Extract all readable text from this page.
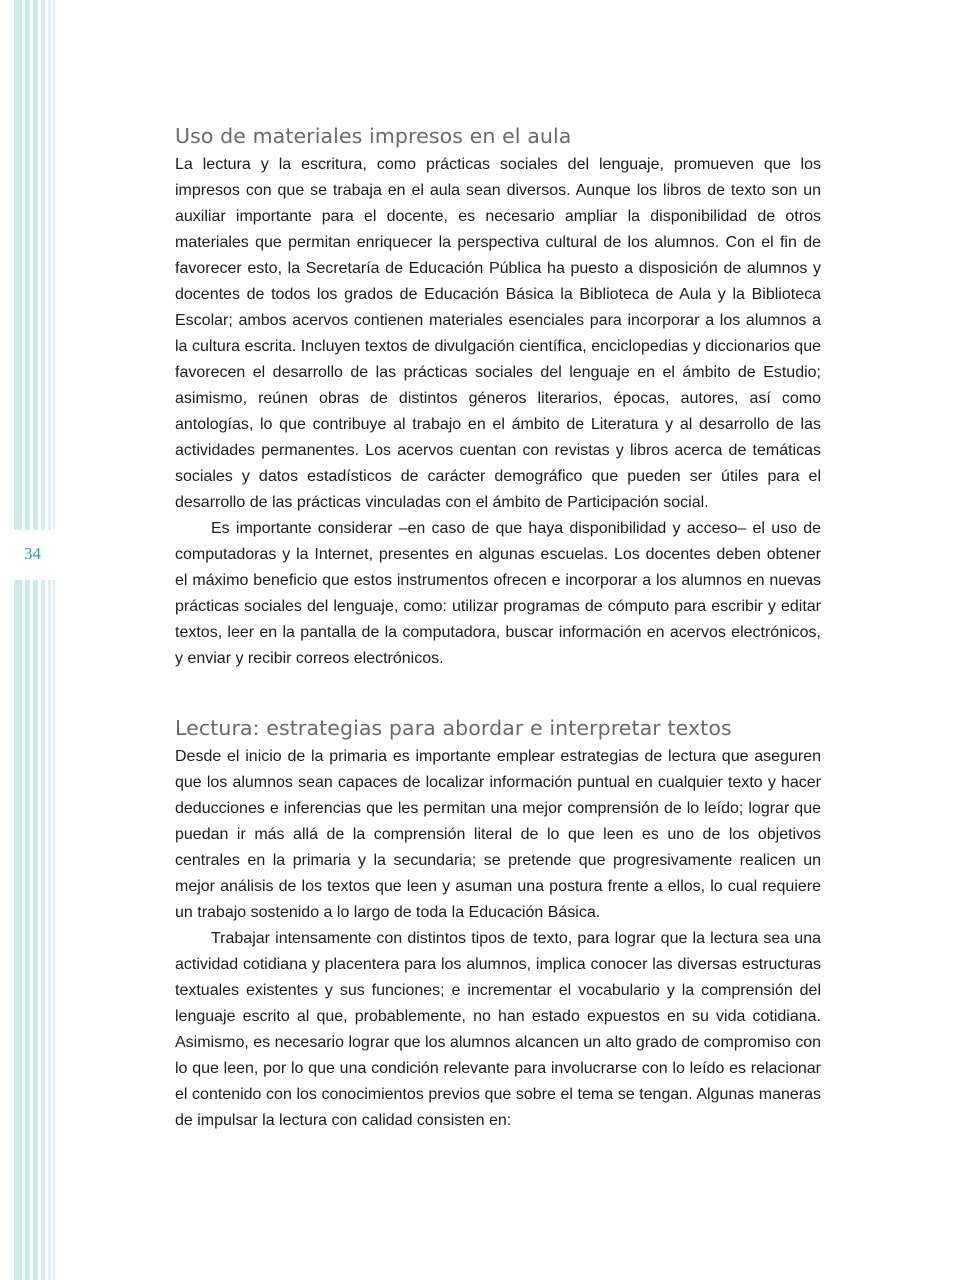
34
Uso de materiales impresos en el aula

La lectura y la escritura, como prácticas sociales del lenguaje, promueven que los impresos con que se trabaja en el aula sean diversos. Aunque los libros de texto son un auxiliar importante para el docente, es necesario ampliar la disponibilidad de otros materiales que permitan enriquecer la perspectiva cultural de los alumnos. Con el fin de favorecer esto, la Secretaría de Educación Pública ha puesto a disposición de alumnos y docentes de todos los grados de Educación Básica la Biblioteca de Aula y la Biblioteca Escolar; ambos acervos contienen materiales esenciales para incorporar a los alumnos a la cultura escrita. Incluyen textos de divulgación científica, enciclopedias y diccionarios que favorecen el desarrollo de las prácticas sociales del lenguaje en el ámbito de Estudio; asimismo, reúnen obras de distintos géneros literarios, épocas, autores, así como antologías, lo que contribuye al trabajo en el ámbito de Literatura y al desarrollo de las actividades permanentes. Los acervos cuentan con revistas y libros acerca de temáticas sociales y datos estadísticos de carácter demográfico que pueden ser útiles para el desarrollo de las prácticas vinculadas con el ámbito de Participación social.

Es importante considerar –en caso de que haya disponibilidad y acceso– el uso de computadoras y la Internet, presentes en algunas escuelas. Los docentes deben obtener el máximo beneficio que estos instrumentos ofrecen e incorporar a los alumnos en nuevas prácticas sociales del lenguaje, como: utilizar programas de cómputo para escribir y editar textos, leer en la pantalla de la computadora, buscar información en acervos electrónicos, y enviar y recibir correos electrónicos.

Lectura: estrategias para abordar e interpretar textos

Desde el inicio de la primaria es importante emplear estrategias de lectura que aseguren que los alumnos sean capaces de localizar información puntual en cualquier texto y hacer deducciones e inferencias que les permitan una mejor comprensión de lo leído; lograr que puedan ir más allá de la comprensión literal de lo que leen es uno de los objetivos centrales en la primaria y la secundaria; se pretende que progresivamente realicen un mejor análisis de los textos que leen y asuman una postura frente a ellos, lo cual requiere un trabajo sostenido a lo largo de toda la Educación Básica.

Trabajar intensamente con distintos tipos de texto, para lograr que la lectura sea una actividad cotidiana y placentera para los alumnos, implica conocer las diversas estructuras textuales existentes y sus funciones; e incrementar el vocabulario y la comprensión del lenguaje escrito al que, probablemente, no han estado expuestos en su vida cotidiana. Asimismo, es necesario lograr que los alumnos alcancen un alto grado de compromiso con lo que leen, por lo que una condición relevante para involucrarse con lo leído es relacionar el contenido con los conocimientos previos que sobre el tema se tengan. Algunas maneras de impulsar la lectura con calidad consisten en:
